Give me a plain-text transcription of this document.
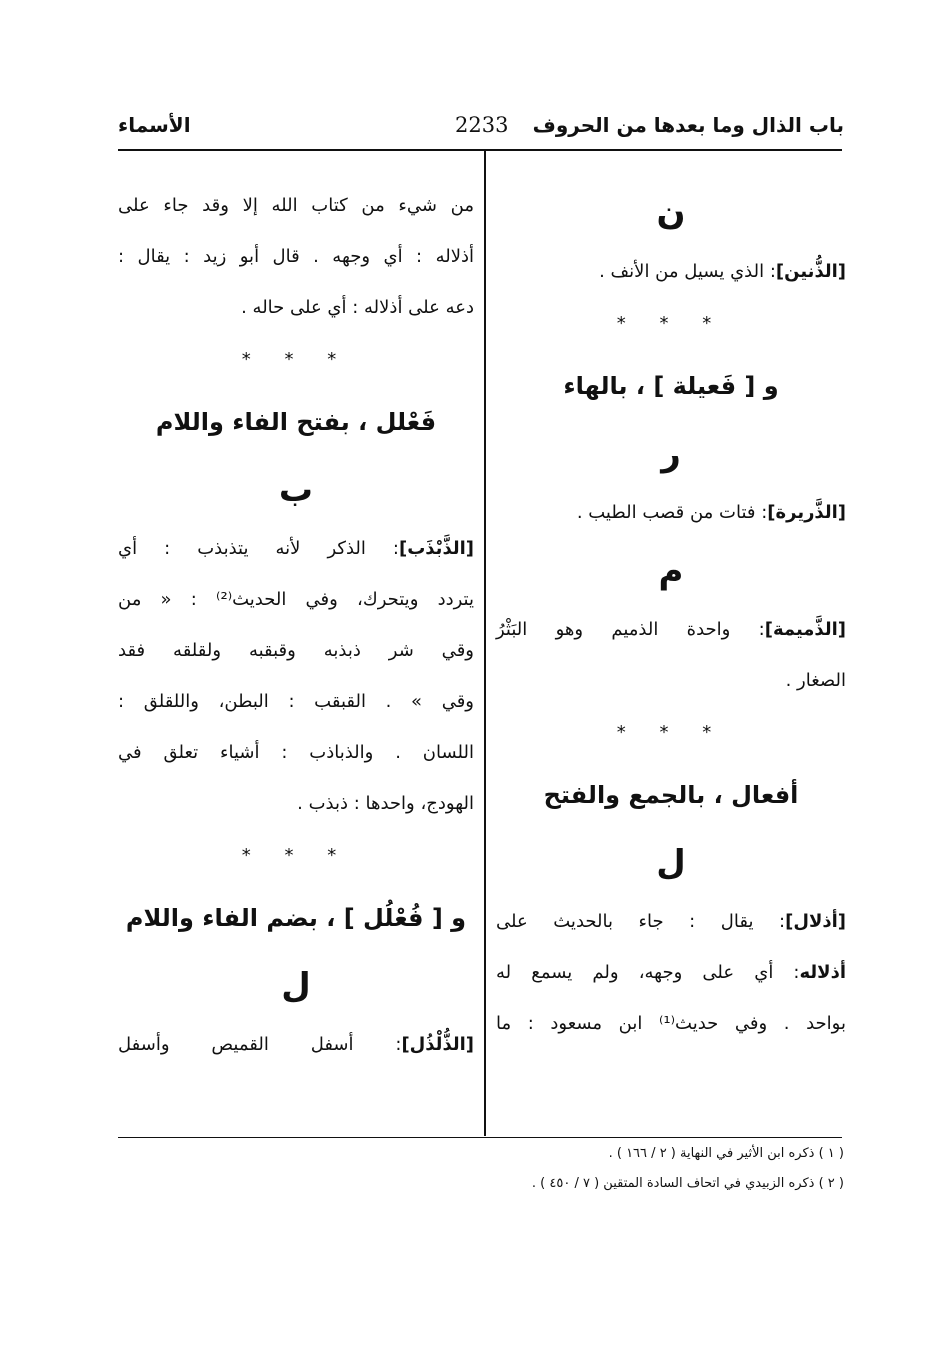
باب الذال وما بعدها من الحروف
2233
الأسماء
ن
[الذُّنين]: الذي يسيل من الأنف .
* * *
و [ فَعيلة ] ، بالهاء
ر
[الذَّريرة]: فتات من قصب الطيب .
م
[الذَّميمة]: واحدة الذميم وهو البَثْرُ
الصغار .
* * *
أفعال ، بالجمع والفتح
ل
[أذلال]: يقال : جاء بالحديث على
أذلاله: أي على وجهه، ولم يسمع له
بواحد . وفي حديث⁽¹⁾ ابن مسعود : ما
من شيء من كتاب الله إلا وقد جاء على
أذلاله : أي وجهه . قال أبو زيد : يقال :
دعه على أذلاله : أي على حاله .
* * *
فَعْلل ، بفتح الفاء واللام
ب
[الذَّبْذَب]: الذكر لأنه يتذبذب : أي
يتردد ويتحرك، وفي الحديث⁽²⁾ : « من
وقي شر ذبذبه وقبقبه ولقلقه فقد
وقي » . القبقب : البطن، واللقلق :
اللسان . والذباذب : أشياء تعلق في
الهودج، واحدها : ذبذب .
* * *
و [ فُعْلُل ] ، بضم الفاء واللام
ل
[الذُّلْذُل]: أسفل القميص وأسفل
( ١ ) ذكره ابن الأثير في النهاية ( ٢ / ١٦٦ ) .
( ٢ ) ذكره الزبيدي في اتحاف السادة المتقين ( ٧ / ٤٥٠ ) .
